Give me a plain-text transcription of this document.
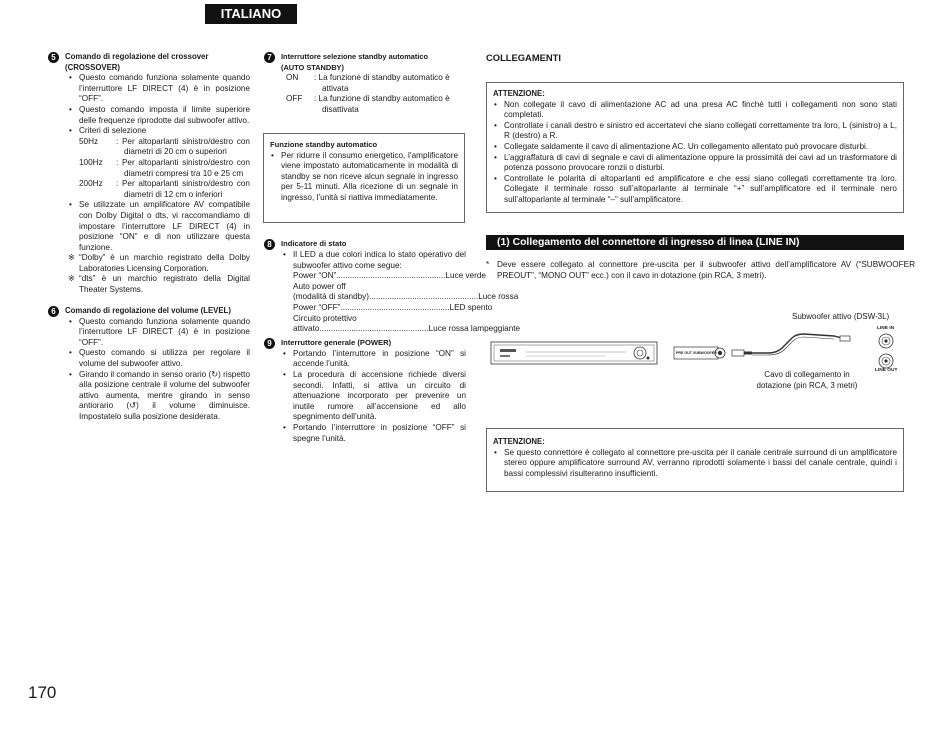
ITALIANO
5	Comando di regolazione del crossover
(CROSSOVER)
• Questo comando funziona solamente quando l’interruttore LF DIRECT (4) è in posizione “OFF”.
• Questo comando imposta il limite superiore delle frequenze riprodotte dal subwoofer attivo.
• Criteri di selezione
50Hz	: Per altoparlanti sinistro/destro con diametri di 20 cm o superiori
100Hz	: Per altoparlanti sinistro/destro con diametri compresi tra 10 e 25 cm
200Hz	: Per altoparlanti sinistro/destro con diametri di 12 cm o inferiori
• Se utilizzate un amplificatore AV compatibile con Dolby Digital o dts, vi raccomandiamo di impostare l’interruttore LF DIRECT (4) in posizione “ON” e di non utilizzare questa funzione.
※ “Dolby” è un marchio registrato della Dolby Laboratories Licensing Corporation.
※ “dts” è un marchio registrato della Digital Theater Systems.
6	Comando di regolazione del volume (LEVEL)
• Questo comando funziona solamente quando l’interruttore LF DIRECT (4) è in posizione “OFF”.
• Questo comando si utilizza per regolare il volume del subwoofer attivo.
• Girando il comando in senso orario (↻) rispetto alla posizione centrale il volume del subwoofer attivo aumenta, mentre girando in senso antiorario (↺) il volume diminuisce. Impostatelo sulla posizione desiderata.
7	Interruttore selezione standby automatico
(AUTO STANDBY)
ON	: La funzione di standby automatico è attivata
OFF	: La funzione di standby automatico è disattivata
Funzione standby automatico
• Per ridurre il consumo energetico, l’amplificatore viene impostato automaticamente in modalità di standby se non riceve alcun segnale in ingresso per 5-11 minuti. Alla ricezione di un segnale in ingresso, l’unità si riattiva immediatamente.
8	Indicatore di stato
• Il LED a due colori indica lo stato operativo del subwoofer attivo come segue:
Power “ON” ................................................ Luce verde
Auto power off
(modalità di standby) ................................................ Luce rossa
Power “OFF” ................................................ LED spento
Circuito protettivo
attivato ................................................ Luce rossa lampeggiante
9	Interruttore generale (POWER)
• Portando l’interruttore in posizione “ON” si accende l’unità.
• La procedura di accensione richiede diversi secondi. Infatti, si attiva un circuito di attenuazione incorporato per prevenire un inutile rumore all’accensione ed allo spegnimento dell’unità.
• Portando l’interruttore in posizione “OFF” si spegne l’unità.
COLLEGAMENTI
ATTENZIONE:
• Non collegate il cavo di alimentazione AC ad una presa AC finché tutti i collegamenti non sono stati completati.
• Controllate i canali destro e sinistro ed accertatevi che siano collegati correttamente tra loro, L (sinistro) a L, R (destro) a R.
• Collegate saldamente il cavo di alimentazione AC. Un collegamento allentato può provocare disturbi.
• L’aggraffatura di cavi di segnale e cavi di alimentazione oppure la prossimità dei cavi ad un trasformatore di potenza possono provocare ronzii o disturbi.
• Controllate le polarità di altoparlanti ed amplificatore e che essi siano collegati correttamente tra loro. Collegate il terminale rosso sull’altoparlante al terminale “+” sull’amplificatore ed il terminale nero sull’altoparlante al terminale “–” sull’amplificatore.
(1) Collegamento del connettore di ingresso di linea (LINE IN)
* Deve essere collegato al connettore pre-uscita per il subwoofer attivo dell’amplificatore AV (“SUBWOOFER PREOUT”, “MONO OUT” ecc.) con il cavo in dotazione (pin RCA, 3 metri).
Subwoofer attivo (DSW-3L)
PRE OUT SUBWOOFER
LINE IN
LINE OUT
Cavo di collegamento in
dotazione (pin RCA, 3 metri)
ATTENZIONE:
• Se questo connettore è collegato al connettore pre-uscita per il canale centrale surround di un amplificatore stereo oppure amplificatore surround AV, verranno riprodotti solamente i bassi del canale centrale, quindi i bassi complessivi risulteranno insufficienti.
170
